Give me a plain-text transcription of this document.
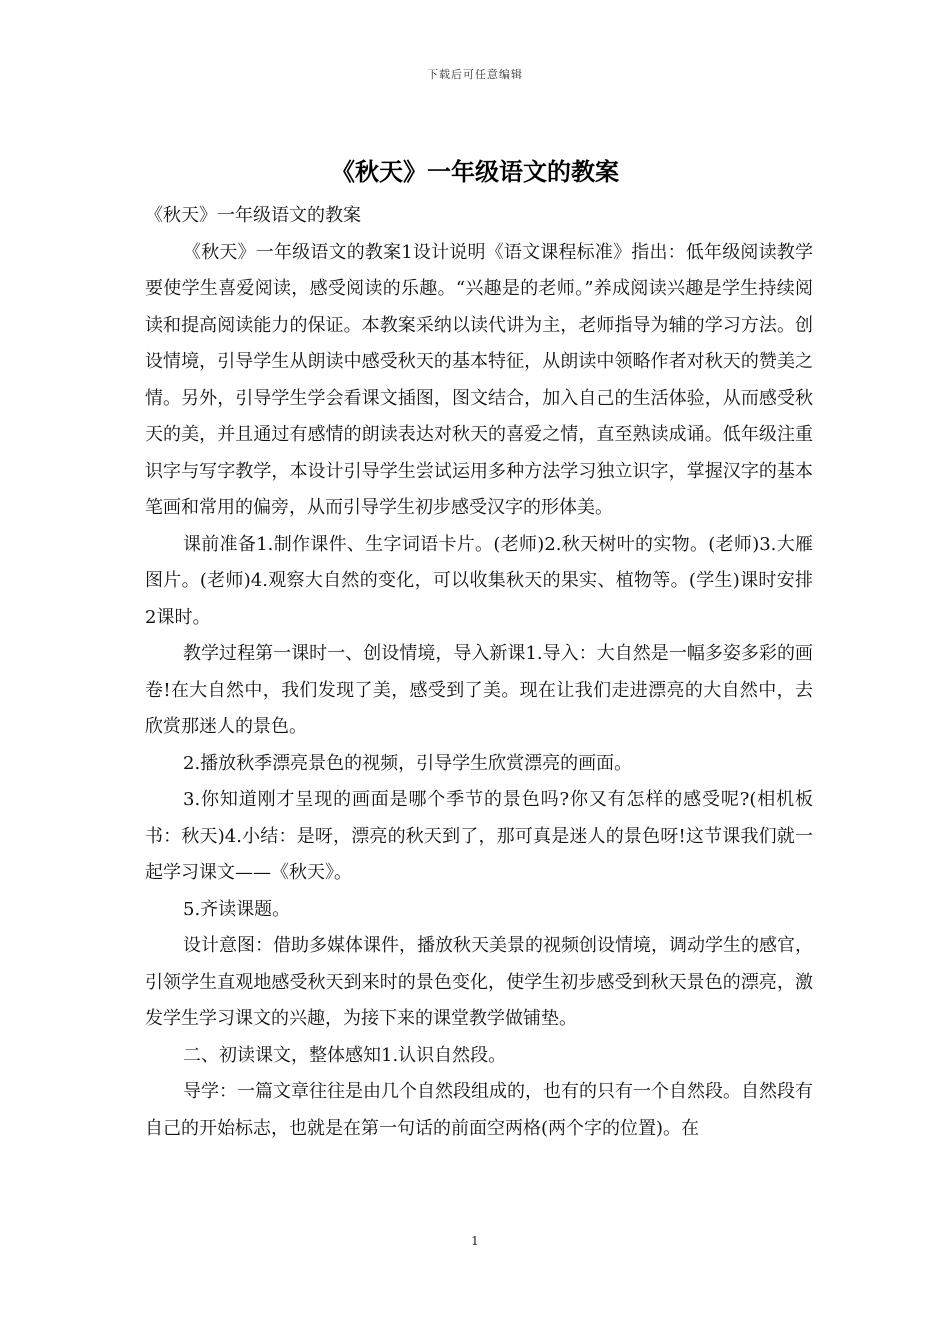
下载后可任意编辑
《秋天》一年级语文的教案

《秋天》一年级语文的教案

《秋天》一年级语文的教案1设计说明《语文课程标准》指出：低年级阅读教学要使学生喜爱阅读，感受阅读的乐趣。“兴趣是的老师。”养成阅读兴趣是学生持续阅读和提高阅读能力的保证。本教案采纳以读代讲为主，老师指导为辅的学习方法。创设情境，引导学生从朗读中感受秋天的基本特征，从朗读中领略作者对秋天的赞美之情。另外，引导学生学会看课文插图，图文结合，加入自己的生活体验，从而感受秋天的美，并且通过有感情的朗读表达对秋天的喜爱之情，直至熟读成诵。低年级注重识字与写字教学，本设计引导学生尝试运用多种方法学习独立识字，掌握汉字的基本笔画和常用的偏旁，从而引导学生初步感受汉字的形体美。

课前准备1.制作课件、生字词语卡片。(老师)2.秋天树叶的实物。(老师)3.大雁图片。(老师)4.观察大自然的变化，可以收集秋天的果实、植物等。(学生)课时安排2课时。

教学过程第一课时一、创设情境，导入新课1.导入：大自然是一幅多姿多彩的画卷!在大自然中，我们发现了美，感受到了美。现在让我们走进漂亮的大自然中，去欣赏那迷人的景色。

2.播放秋季漂亮景色的视频，引导学生欣赏漂亮的画面。

3.你知道刚才呈现的画面是哪个季节的景色吗?你又有怎样的感受呢?(相机板书：秋天)4.小结：是呀，漂亮的秋天到了，那可真是迷人的景色呀!这节课我们就一起学习课文——《秋天》。

5.齐读课题。

设计意图：借助多媒体课件，播放秋天美景的视频创设情境，调动学生的感官，引领学生直观地感受秋天到来时的景色变化，使学生初步感受到秋天景色的漂亮，激发学生学习课文的兴趣，为接下来的课堂教学做铺垫。

二、初读课文，整体感知1.认识自然段。

导学：一篇文章往往是由几个自然段组成的，也有的只有一个自然段。自然段有自己的开始标志，也就是在第一句话的前面空两格(两个字的位置)。在

1
